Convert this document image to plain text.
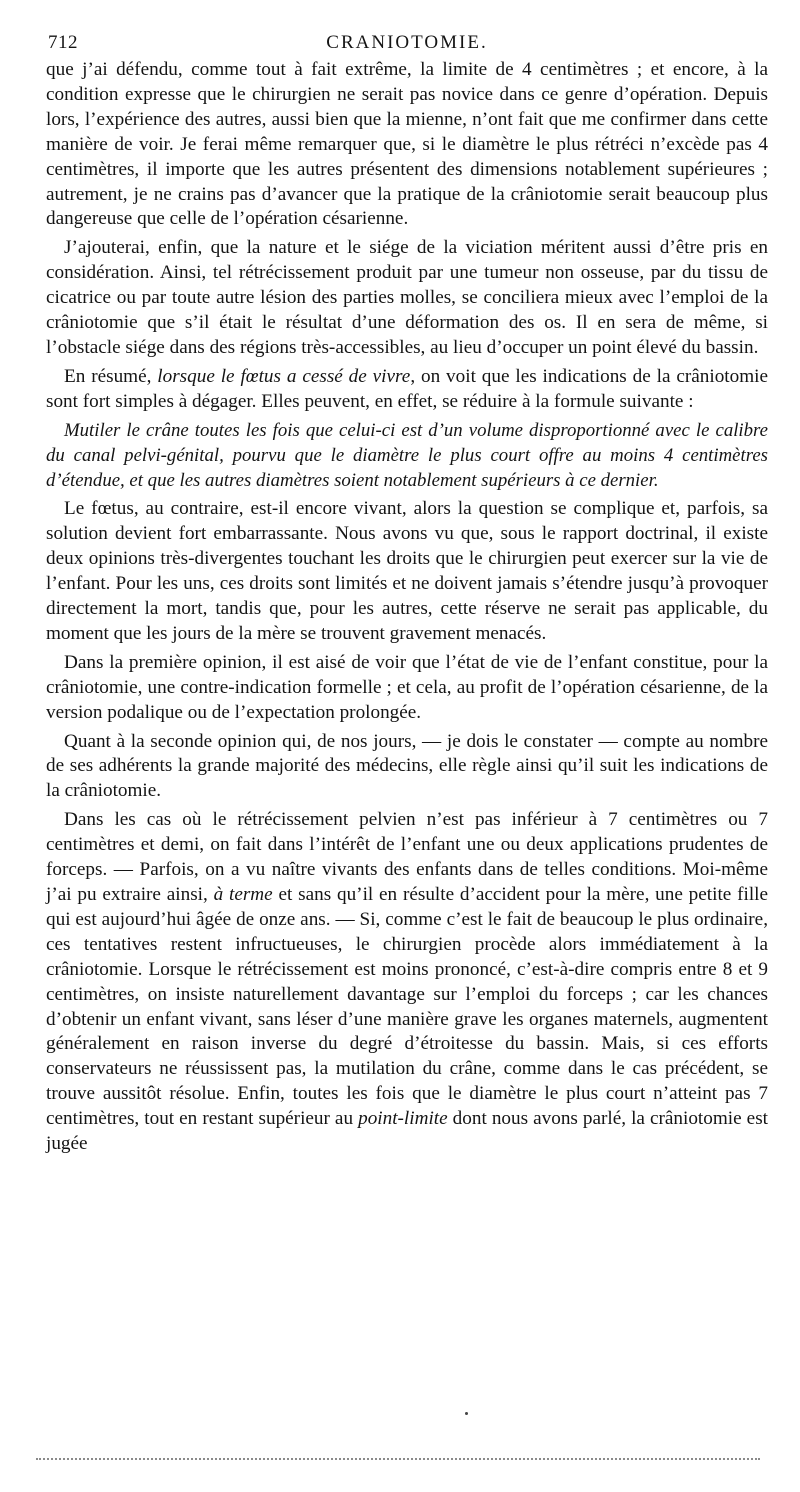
712	CRANIOTOMIE.

que j’ai défendu, comme tout à fait extrême, la limite de 4 centimètres ; et encore, à la condition expresse que le chirurgien ne serait pas novice dans ce genre d’opération. Depuis lors, l’expérience des autres, aussi bien que la mienne, n’ont fait que me confirmer dans cette manière de voir. Je ferai même remarquer que, si le diamètre le plus rétréci n’excède pas 4 centimètres, il importe que les autres présentent des dimensions notablement supérieures ; autrement, je ne crains pas d’avancer que la pratique de la crâniotomie serait beaucoup plus dangereuse que celle de l’opération césarienne.

J’ajouterai, enfin, que la nature et le siége de la viciation méritent aussi d’être pris en considération. Ainsi, tel rétrécissement produit par une tumeur non osseuse, par du tissu de cicatrice ou par toute autre lésion des parties molles, se conciliera mieux avec l’emploi de la crâniotomie que s’il était le résultat d’une déformation des os. Il en sera de même, si l’obstacle siége dans des régions très-accessibles, au lieu d’occuper un point élevé du bassin.

En résumé, lorsque le fœtus a cessé de vivre, on voit que les indications de la crâniotomie sont fort simples à dégager. Elles peuvent, en effet, se réduire à la formule suivante :

Mutiler le crâne toutes les fois que celui-ci est d’un volume disproportionné avec le calibre du canal pelvi-génital, pourvu que le diamètre le plus court offre au moins 4 centimètres d’étendue, et que les autres diamètres soient notablement supérieurs à ce dernier.

Le fœtus, au contraire, est-il encore vivant, alors la question se complique et, parfois, sa solution devient fort embarrassante. Nous avons vu que, sous le rapport doctrinal, il existe deux opinions très-divergentes touchant les droits que le chirurgien peut exercer sur la vie de l’enfant. Pour les uns, ces droits sont limités et ne doivent jamais s’étendre jusqu’à provoquer directement la mort, tandis que, pour les autres, cette réserve ne serait pas applicable, du moment que les jours de la mère se trouvent gravement menacés.

Dans la première opinion, il est aisé de voir que l’état de vie de l’enfant constitue, pour la crâniotomie, une contre-indication formelle ; et cela, au profit de l’opération césarienne, de la version podalique ou de l’expectation prolongée.

Quant à la seconde opinion qui, de nos jours, — je dois le constater — compte au nombre de ses adhérents la grande majorité des médecins, elle règle ainsi qu’il suit les indications de la crâniotomie.

Dans les cas où le rétrécissement pelvien n’est pas inférieur à 7 centimètres ou 7 centimètres et demi, on fait dans l’intérêt de l’enfant une ou deux applications prudentes de forceps. — Parfois, on a vu naître vivants des enfants dans de telles conditions. Moi-même j’ai pu extraire ainsi, à terme et sans qu’il en résulte d’accident pour la mère, une petite fille qui est aujourd’hui âgée de onze ans. — Si, comme c’est le fait de beaucoup le plus ordinaire, ces tentatives restent infructueuses, le chirurgien procède alors immédiatement à la crâniotomie. Lorsque le rétrécissement est moins prononcé, c’est-à-dire compris entre 8 et 9 centimètres, on insiste naturellement davantage sur l’emploi du forceps ; car les chances d’obtenir un enfant vivant, sans léser d’une manière grave les organes maternels, augmentent généralement en raison inverse du degré d’étroitesse du bassin. Mais, si ces efforts conservateurs ne réussissent pas, la mutilation du crâne, comme dans le cas précédent, se trouve aussitôt résolue. Enfin, toutes les fois que le diamètre le plus court n’atteint pas 7 centimètres, tout en restant supérieur au point-limite dont nous avons parlé, la crâniotomie est jugée
